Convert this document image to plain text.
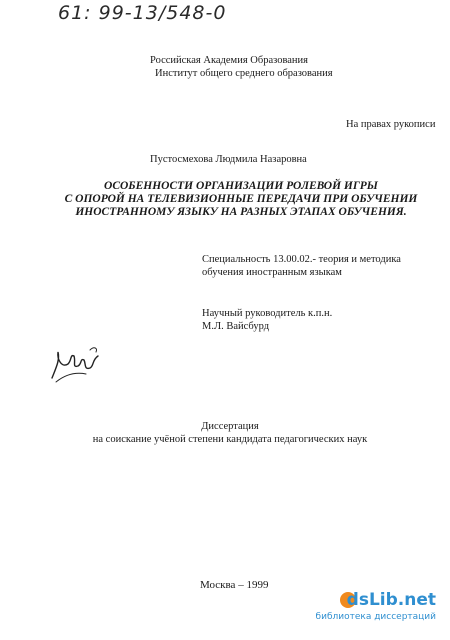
61: 99-13/548-0
Российская Академия Образования
Институт общего среднего образования
На правах рукописи
Пустосмехова Людмила Назаровна
ОСОБЕННОСТИ ОРГАНИЗАЦИИ РОЛЕВОЙ ИГРЫ
С ОПОРОЙ НА ТЕЛЕВИЗИОННЫЕ ПЕРЕДАЧИ ПРИ ОБУЧЕНИИ
ИНОСТРАННОМУ ЯЗЫКУ НА РАЗНЫХ ЭТАПАХ ОБУЧЕНИЯ.
Специальность 13.00.02.- теория и методика
обучения иностранным языкам
Научный руководитель к.п.н.
М.Л. Вайсбурд
Диссертация
на соискание учёной степени кандидата педагогических наук
Москва – 1999
dsLib.net
библиотека диссертаций
